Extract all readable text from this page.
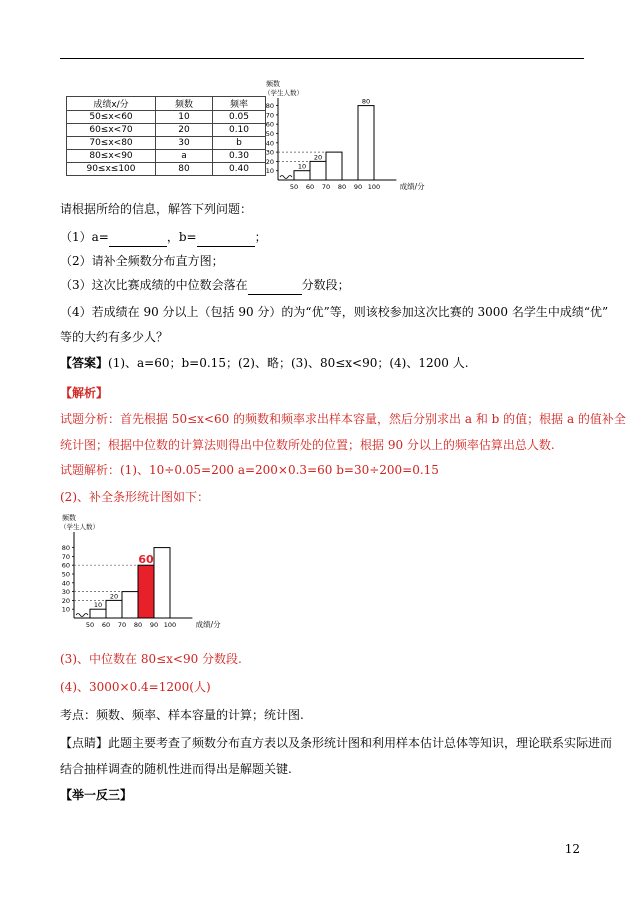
成绩x/分	频数	频率
50≤x<60	10	0.05
60≤x<70	20	0.10
70≤x<80	30	b
80≤x<90	a	0.30
90≤x≤100	80	0.40
频数
（学生人数）
10
20
30
40
50
60
70
80
50 60 70 80 90 100	成绩/分
10
20
80
请根据所给的信息，解答下列问题：
（1）a=	，b=	；
（2）请补全频数分布直方图；
（3）这次比赛成绩的中位数会落在	分数段；
（4）若成绩在 90 分以上（包括 90 分）的为“优”等，则该校参加这次比赛的 3000 名学生中成绩“优”
等的大约有多少人？
【答案】(1)、a=60；b=0.15；(2)、略；(3)、80≤x<90；(4)、1200 人.
【解析】
试题分析：首先根据 50≤x<60 的频数和频率求出样本容量，然后分别求出 a 和 b 的值；根据 a 的值补全
统计图；根据中位数的计算法则得出中位数所处的位置；根据 90 分以上的频率估算出总人数.
试题解析：(1)、10÷0.05=200 a=200×0.3=60 b=30÷200=0.15
(2)、补全条形统计图如下：
频数
（学生人数）
10
20
30
40
50
60
70
80
50 60 70 80 90 100	成绩/分
10
20
60
(3)、中位数在 80≤x<90 分数段.
(4)、3000×0.4=1200(人)
考点：频数、频率、样本容量的计算；统计图.
【点睛】此题主要考查了频数分布直方表以及条形统计图和利用样本估计总体等知识，理论联系实际进而
结合抽样调查的随机性进而得出是解题关键.
【举一反三】
12
